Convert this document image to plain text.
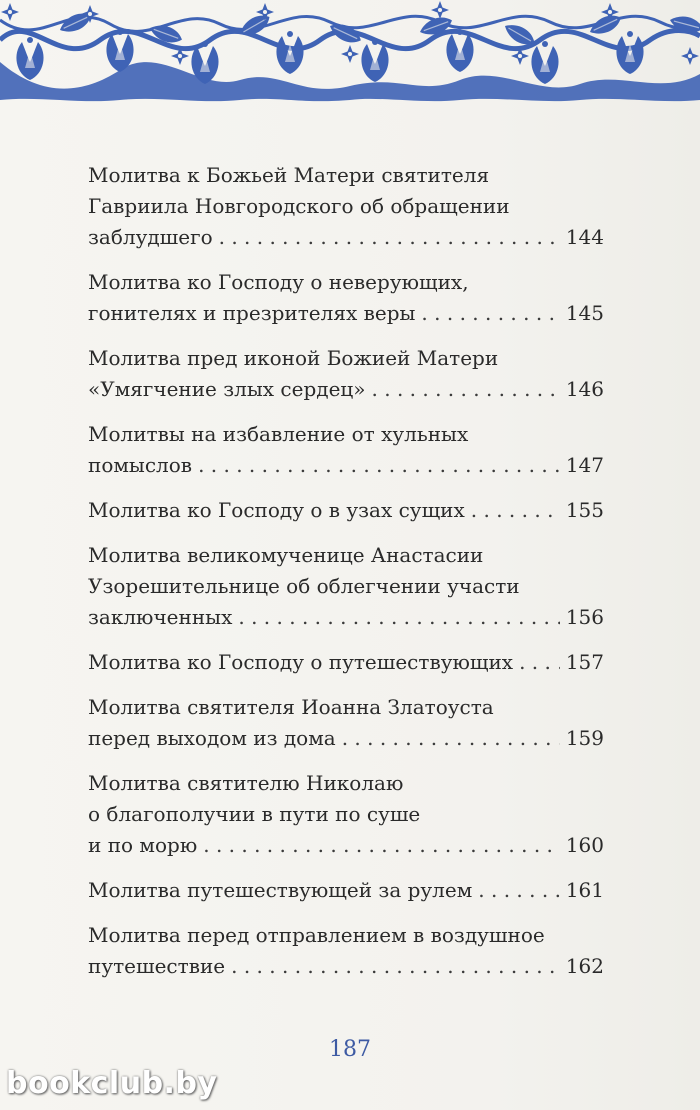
Молитва к Божьей Матери святителя
Гавриила Новгородского об обращении
заблудшего . . .	144
Молитва ко Господу о неверующих,
гонителях и презрителях веры . . .	145
Молитва пред иконой Божией Матери
«Умягчение злых сердец» . . .	146
Молитвы на избавление от хульных
помыслов . . .	147
Молитва ко Господу о в узах сущих . . .	155
Молитва великомученице Анастасии
Узорешительнице об облегчении участи
заключенных . . .	156
Молитва ко Господу о путешествующих . . .	157
Молитва святителя Иоанна Златоуста
перед выходом из дома . . .	159
Молитва святителю Николаю
о благополучии в пути по суше
и по морю . . .	160
Молитва путешествующей за рулем . . .	161
Молитва перед отправлением в воздушное
путешествие . . .	162
187
bookclub.by
